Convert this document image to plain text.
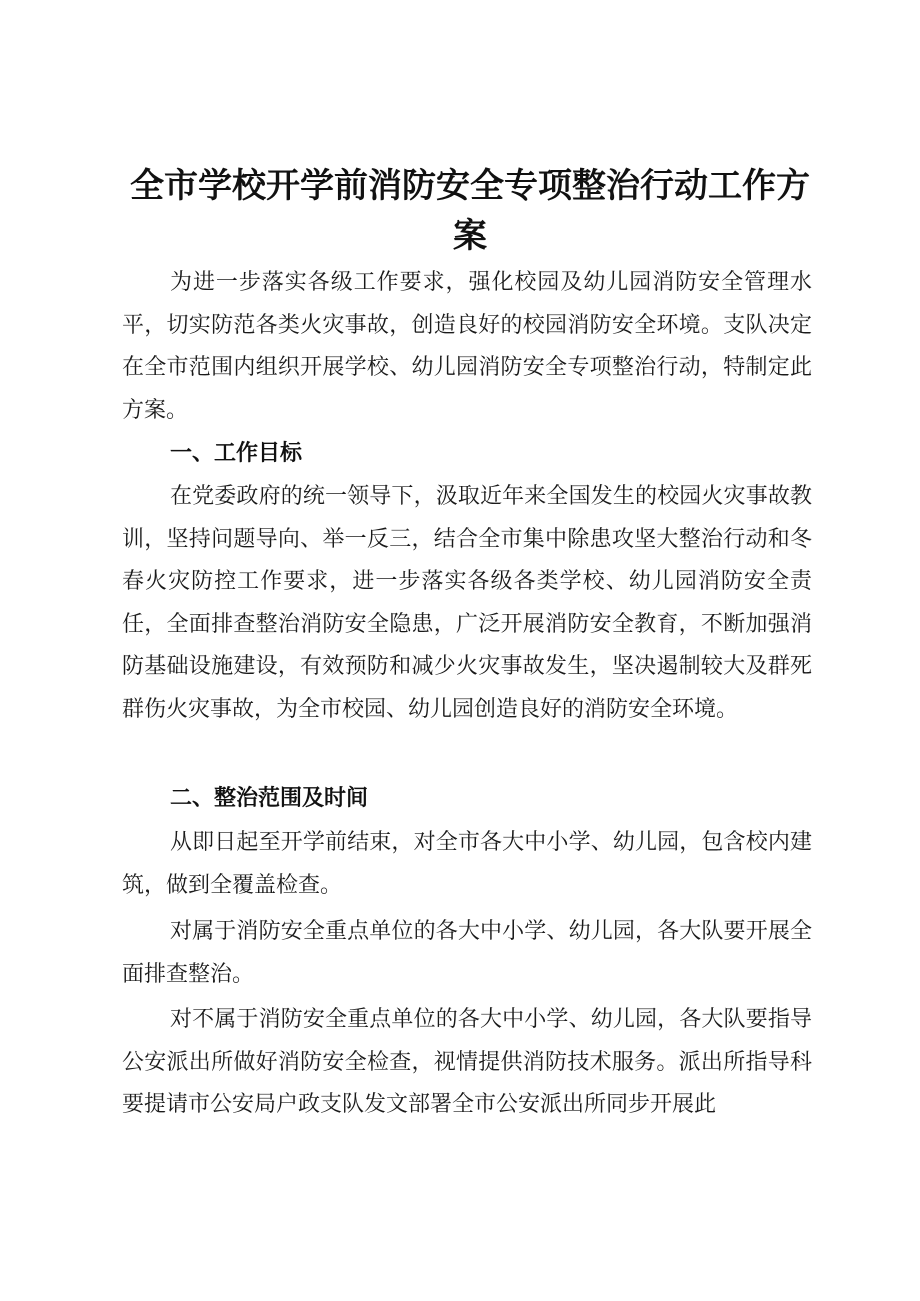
全市学校开学前消防安全专项整治行动工作方
案

为进一步落实各级工作要求，强化校园及幼儿园消防安全管理水平，切实防范各类火灾事故，创造良好的校园消防安全环境。支队决定在全市范围内组织开展学校、幼儿园消防安全专项整治行动，特制定此方案。

一、工作目标

在党委政府的统一领导下，汲取近年来全国发生的校园火灾事故教训，坚持问题导向、举一反三，结合全市集中除患攻坚大整治行动和冬春火灾防控工作要求，进一步落实各级各类学校、幼儿园消防安全责任，全面排查整治消防安全隐患，广泛开展消防安全教育，不断加强消防基础设施建设，有效预防和减少火灾事故发生，坚决遏制较大及群死群伤火灾事故，为全市校园、幼儿园创造良好的消防安全环境。

二、整治范围及时间

从即日起至开学前结束，对全市各大中小学、幼儿园，包含校内建筑，做到全覆盖检查。

对属于消防安全重点单位的各大中小学、幼儿园，各大队要开展全面排查整治。

对不属于消防安全重点单位的各大中小学、幼儿园，各大队要指导公安派出所做好消防安全检查，视情提供消防技术服务。派出所指导科要提请市公安局户政支队发文部署全市公安派出所同步开展此
